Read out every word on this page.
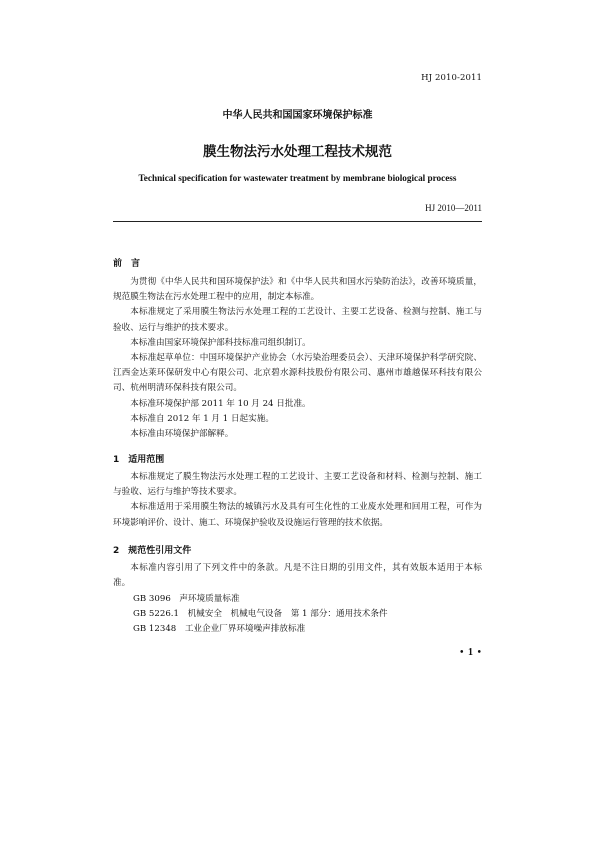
HJ 2010-2011
中华人民共和国国家环境保护标准
膜生物法污水处理工程技术规范
Technical specification for wastewater treatment by membrane biological process
HJ 2010—2011
前　言

为贯彻《中华人民共和国环境保护法》和《中华人民共和国水污染防治法》，改善环境质量，规范膜生物法在污水处理工程中的应用，制定本标准。

本标准规定了采用膜生物法污水处理工程的工艺设计、主要工艺设备、检测与控制、施工与验收、运行与维护的技术要求。

本标准由国家环境保护部科技标准司组织制订。

本标准起草单位：中国环境保护产业协会（水污染治理委员会）、天津环境保护科学研究院、江西金达莱环保研发中心有限公司、北京碧水源科技股份有限公司、惠州市雄越保环科技有限公司、杭州明清环保科技有限公司。

本标准环境保护部 2011 年 10 月 24 日批准。

本标准自 2012 年 1 月 1 日起实施。

本标准由环境保护部解释。

1　适用范围

本标准规定了膜生物法污水处理工程的工艺设计、主要工艺设备和材料、检测与控制、施工与验收、运行与维护等技术要求。

本标准适用于采用膜生物法的城镇污水及具有可生化性的工业废水处理和回用工程，可作为环境影响评价、设计、施工、环境保护验收及设施运行管理的技术依据。

2　规范性引用文件

本标准内容引用了下列文件中的条款。凡是不注日期的引用文件，其有效版本适用于本标准。

GB 3096　声环境质量标准
GB 5226.1　机械安全　机械电气设备　第 1 部分：通用技术条件
GB 12348　工业企业厂界环境噪声排放标准
• 1 •
